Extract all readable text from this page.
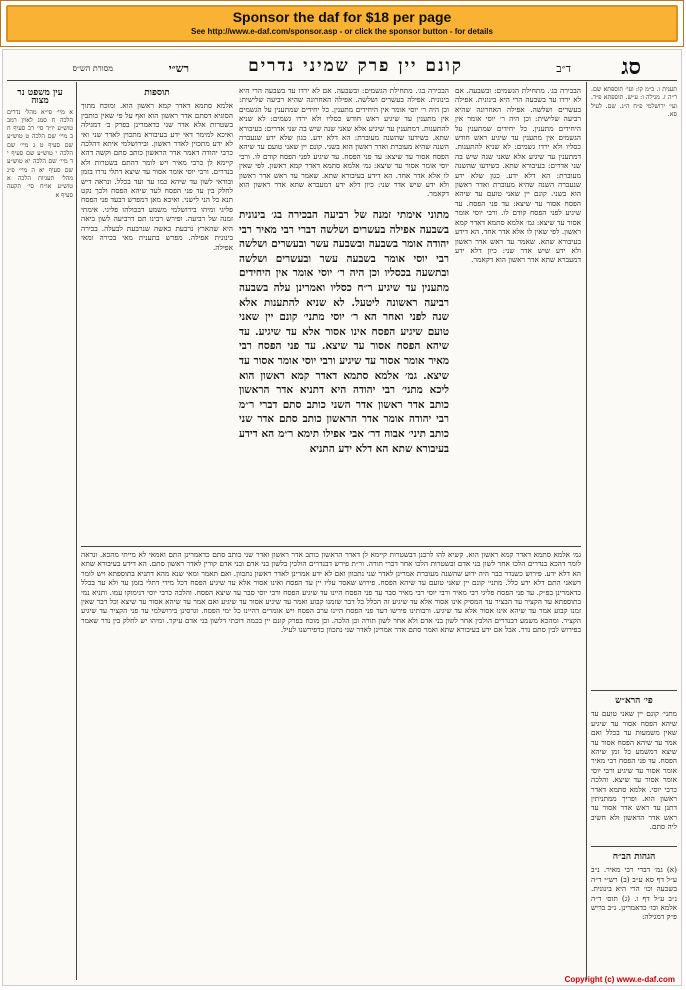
Sponsor the daf for $18 per page
See http://www.e-daf.com/sponsor.asp - or click the sponsor button - for details
סג
ד״ב
קונם יין פרק שמיני נדרים
רש״י
מסורת הש״ס

תענית ו. ב״מ קו: ועי׳ תוספתא שם. ר״ה ז. מגילה ו: ע״ש. תוספתא פ״ד. ועי׳ ירושלמי פ״ח ה״ג. שם. לעיל סא.

פי׳ הרא״ש

מתני׳ קונם יין שאני טועם עד שיהא הפסח אסור עד שיגיע שאין משמעות עד בכלל ואם אמר עד שיהא הפסח אסור עד שיצא דמשמע כל זמן שיהא הפסח. עד פני הפסח רבי מאיר אומר אסור עד שיגיע ורבי יוסי אומר אסור עד שיצא. והלכה כרבי יוסי. אלמא סתמא דאדר ראשון הוא. ופריך ממתניתין דתנן עד ראש אדר אסור עד ראש אדר הראשון ולא חשיב ליה סתם.

הגהות הב״ח

(א) גמ׳ דברי רבי מאיר. נ״ב ע״ל דף סא ע״ב (ב) רש״י ד״ה בשבעה וכו׳ הרי היא בינונית. נ״ב ע״ל דף ו. (ג) תוס׳ ד״ה אלמא וכו׳ כדאמרינן. נ״ב בריש פ״ק דמגילה:

הבכירה בג׳. מתחילת הגשמים: ובשבעה. אם לא ירדו עד בשבעה הרי היא בינונית. אפילה בעשרים ושלשה. אפילה האחרונה שהיא רביעה שלישית: וכן היה ר׳ יוסי אומר אין היחידים מתענין. כל יחידים שמתענין על הגשמים אין מתענין עד שיגיע ראש חודש כסליו ולא ירדו גשמים: לא שניא להתענות. דמתענין עד שיגיע אלא שאני שנה שיש בה שני אדרים: בעיבורא שתא. כשידעו שהשנה מעוברת: הא דלא ידע. כגון שלא ידע שנעברה השנה שהיא מעוברת ואדר ראשון הוא בשני. קונם יין שאני טועם עד שיהא הפסח אסור עד שיצא: עד פני הפסח. עד שיגיע לפני הפסח קודם לו. ורבי יוסי אומר אסור עד שיצא: גמ׳ אלמא סתמא דאדר קמא ראשון. לפי שאין לו אלא אדר אחד. הא דידע בעיבורא שתא. שאמר עד ראש אדר ראשון ולא ידע שיש אדר שני: כיון דלא ידע דמעברא שתא אדר ראשון הוא דקאמר.

מתוני אימתי זמנה של רביעה הבכירה בג׳ בינונית בשבעה אפילה בעשרים ושלשה דברי רבי מאיר רבי יהודה אומר בשבעה ובשבעה עשר ובעשרים ושלשה רבי יוסי אומר בשבעה עשר ובעשרים ושלשה ובתשעה בכסליו וכן היה ר׳ יוסי אומר אין היחידים מתענין עד שיגיע ר״ח כסליו ואמרינן עלה בשבעה רביעה ראשונה ליטעל. לא שניא להתענות אלא שנה לפני ואחר הא ר׳ יוסי מתני׳ קונם יין שאני טועם שיגיע הפסח אינו אסור אלא עד שיגיע. עד שיהא הפסח אסור עד שיצא. עד פני הפסח רבי מאיר אומר אסור עד שיגיע ורבי יוסי אומר אסור עד שיצא. גמ׳ אלמא סתמא דאדר קמא ראשון הוא ליכא מתני׳ רבי יהודה היא דתניא אדר הראשון כותב אדר ראשון אדר השני כותב סתם דברי ר״מ רבי יהודה אומר אדר הראשון כותב סתם אדר שני כותב תיני׳ אבוה דר׳ אבי אפילו תימא ר״מ הא דידע בעיבורא שתא הא דלא ידע התניא

הבכירה בג׳. מתחילת הגשמים: ובשבעה. אם לא ירדו עד בשבעה הרי היא בינונית. אפילה בעשרים ושלשה. אפילה האחרונה שהיא רביעה שלישית: וכן היה ר׳ יוסי אומר אין היחידים מתענין. כל יחידים שמתענין על הגשמים אין מתענין עד שיגיע ראש חודש כסליו ולא ירדו גשמים: לא שניא להתענות. דמתענין עד שיגיע אלא שאני שנה שיש בה שני אדרים: בעיבורא שתא. כשידעו שהשנה מעוברת: הא דלא ידע. כגון שלא ידע שנעברה השנה שהיא מעוברת ואדר ראשון הוא בשני. קונם יין שאני טועם עד שיהא הפסח אסור עד שיצא: עד פני הפסח. עד שיגיע לפני הפסח קודם לו. ורבי יוסי אומר אסור עד שיצא: גמ׳ אלמא סתמא דאדר קמא ראשון. לפי שאין לו אלא אדר אחד. הא דידע בעיבורא שתא. שאמר עד ראש אדר ראשון ולא ידע שיש אדר שני: כיון דלא ידע דמעברא שתא אדר ראשון הוא דקאמר.

תוספות

אלמא סתמא דאדר קמא ראשון הוא. ומוכח מתוך הסוגיא דסתם אדר ראשון הוא ואף על פי שאין כותבין בשטרות אלא אדר שני כדאמרינן בפרק ב׳ דמגילה ואיכא למימר דאי ידע בעיבורא מתכוין לאדר שני ואי לא ידע מתכוין לאדר ראשון. ובירושלמי איתא דהלכה כרבי יהודה דאמר אדר הראשון כותב סתם וקשה דהא קיימא לן כרבי מאיר ויש לומר דהתם בשטרות ולא בנדרים. ורבי יוסי אומר אסור עד שיצא דתלי נדרו בזמן ובודאי לשון עד שיהא כמו עד ועד בכלל. ונראה דיש לחלק בין עד פני הפסח לעד שיהא הפסח ולכך נקט תנא כל הני לישני. ואיכא מאן דמפרש דבעד פני הפסח פליגי ומיהו בירושלמי משמע דבכולהו פליגי. אימתי זמנה של רביעה. ופירש רבינו תם דרביעה לשון ביאה היא שהארץ נרבעת כאשה שנרבעת לבעלה. בכירה בינונית אפילה. מפרש בתענית מאי בכירה ומאי אפילה.

עין משפט נר מצוה

א מיי׳ פי״א מהל׳ נדרים הלכה ח סמג לאוין רמב טוש״ע יו״ד סי׳ רכ סעיף ח ב מיי׳ שם הלכה ט טוש״ע שם סעיף ט ג מיי׳ שם הלכה י טוש״ע שם סעיף י ד מיי׳ שם הלכה יא טוש״ע שם סעיף יא ה מיי׳ פ״ג מהל׳ תעניות הלכה א טוש״ע או״ח סי׳ תקעה סעיף א

גמ׳ אלמא סתמא דאדר קמא ראשון הוא. קשיא להו לרבנן דבשטרות קיימא לן דאדר הראשון כותב אדר ראשון ואדר שני כותב סתם כדאמרינן התם ואמאי לא מייתי מהכא. ונראה לומר דהכא בנדרים הלכו אחר לשון בני אדם ובשטרות הלכו אחר דברי תורה. ור״ת פירש דבנדרים הולכין בלשון בני אדם ובני אדם קורין לאדר ראשון סתם. הא דידע בעיבורא שתא הא דלא ידע. פירוש כשנדר כבר היה ידוע שהשנה מעוברת אמרינן לאדר שני נתכוון ואם לא ידע אמרינן לאדר ראשון נתכוון. ואם תאמר ומאי שנא מהא דתניא בתוספתא ויש לומר דשאני התם דלא ידע כלל. מתני׳ קונם יין שאני טועם עד שיהא הפסח. פירוש שאסר עליו יין עד הפסח ואינו אסור אלא עד שיגיע הפסח דכל מידי דתלי בזמן עד ולא עד בכלל כדאמרינן בפ״ק. עד פני הפסח פליגי רבי מאיר ורבי יוסי רבי מאיר סבר עד פני הפסח היינו עד שיגיע הפסח ורבי יוסי סבר עד שיצא הפסח. והלכה כרבי יוסי דנימוקו עמו. ותניא נמי בתוספתא עד הקציר עד הבציר עד המסיק אינו אסור אלא עד שיגיע זה הכלל כל דבר שזמנו קבוע ואמר עד שיגיע אסור עד שיגיע ואם אמר עד שיהא אסור עד שיצא וכל דבר שאין זמנו קבוע אמר עד שיהא אינו אסור אלא עד שיגיע. ורבותינו פירשו דעד פני הפסח היינו ערב הפסח ויש אומרים דהיינו כל ימי הפסח. וגרסינן בירושלמי עד פני הקציר עד שיגיע הקציר. ומהכא משמע דבנדרים הולכין אחר לשון בני אדם ולא אחר לשון תורה וכן הלכה. וכן מוכח בפרק קונם יין בכמה דוכתי דלשון בני אדם עיקר. ומיהו יש לחלק בין נדר שאמר בפירוש לבין סתם נדר. אבל אם ידע בעיבורא שתא ואמר סתם אדר אמרינן לאדר שני נתכוון כדפירשנו לעיל.

Copyright (c) www.e-daf.com
